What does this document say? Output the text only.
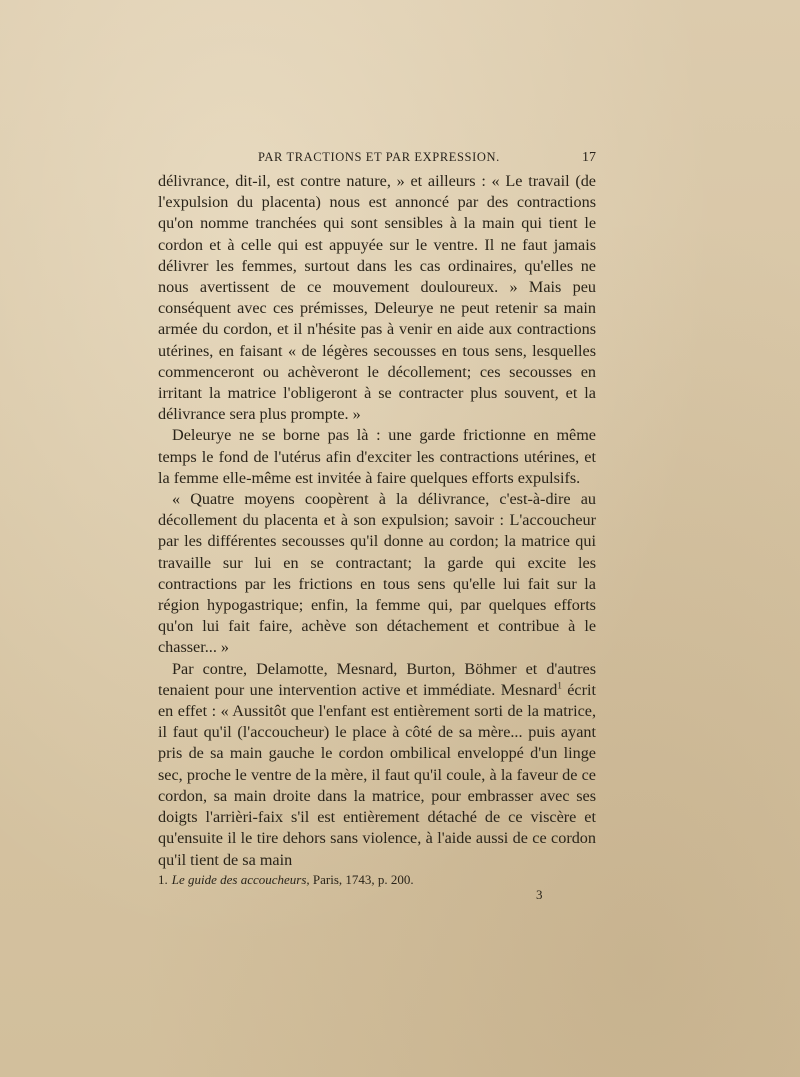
PAR TRACTIONS ET PAR EXPRESSION.	17

délivrance, dit-il, est contre nature, » et ailleurs : « Le travail (de l'expulsion du placenta) nous est annoncé par des contractions qu'on nomme tranchées qui sont sensibles à la main qui tient le cordon et à celle qui est appuyée sur le ventre. Il ne faut jamais délivrer les femmes, surtout dans les cas ordinaires, qu'elles ne nous avertissent de ce mouvement douloureux. » Mais peu conséquent avec ces prémisses, Deleurye ne peut retenir sa main armée du cordon, et il n'hésite pas à venir en aide aux contractions utérines, en faisant « de légères secousses en tous sens, lesquelles commenceront ou achèveront le décollement; ces secousses en irritant la matrice l'obligeront à se contracter plus souvent, et la délivrance sera plus prompte. »

Deleurye ne se borne pas là : une garde frictionne en même temps le fond de l'utérus afin d'exciter les contractions utérines, et la femme elle-même est invitée à faire quelques efforts expulsifs.

« Quatre moyens coopèrent à la délivrance, c'est-à-dire au décollement du placenta et à son expulsion; savoir : L'accoucheur par les différentes secousses qu'il donne au cordon; la matrice qui travaille sur lui en se contractant; la garde qui excite les contractions par les frictions en tous sens qu'elle lui fait sur la région hypogastrique; enfin, la femme qui, par quelques efforts qu'on lui fait faire, achève son détachement et contribue à le chasser... »

Par contre, Delamotte, Mesnard, Burton, Böhmer et d'autres tenaient pour une intervention active et immédiate. Mesnard$^1$ écrit en effet : « Aussitôt que l'enfant est entièrement sorti de la matrice, il faut qu'il (l'accoucheur) le place à côté de sa mère... puis ayant pris de sa main gauche le cordon ombilical enveloppé d'un linge sec, proche le ventre de la mère, il faut qu'il coule, à la faveur de ce cordon, sa main droite dans la matrice, pour embrasser avec ses doigts l'arrièri-faix s'il est entièrement détaché de ce viscère et qu'ensuite il le tire dehors sans violence, à l'aide aussi de ce cordon qu'il tient de sa main

1. Le guide des accoucheurs, Paris, 1743, p. 200.
3
